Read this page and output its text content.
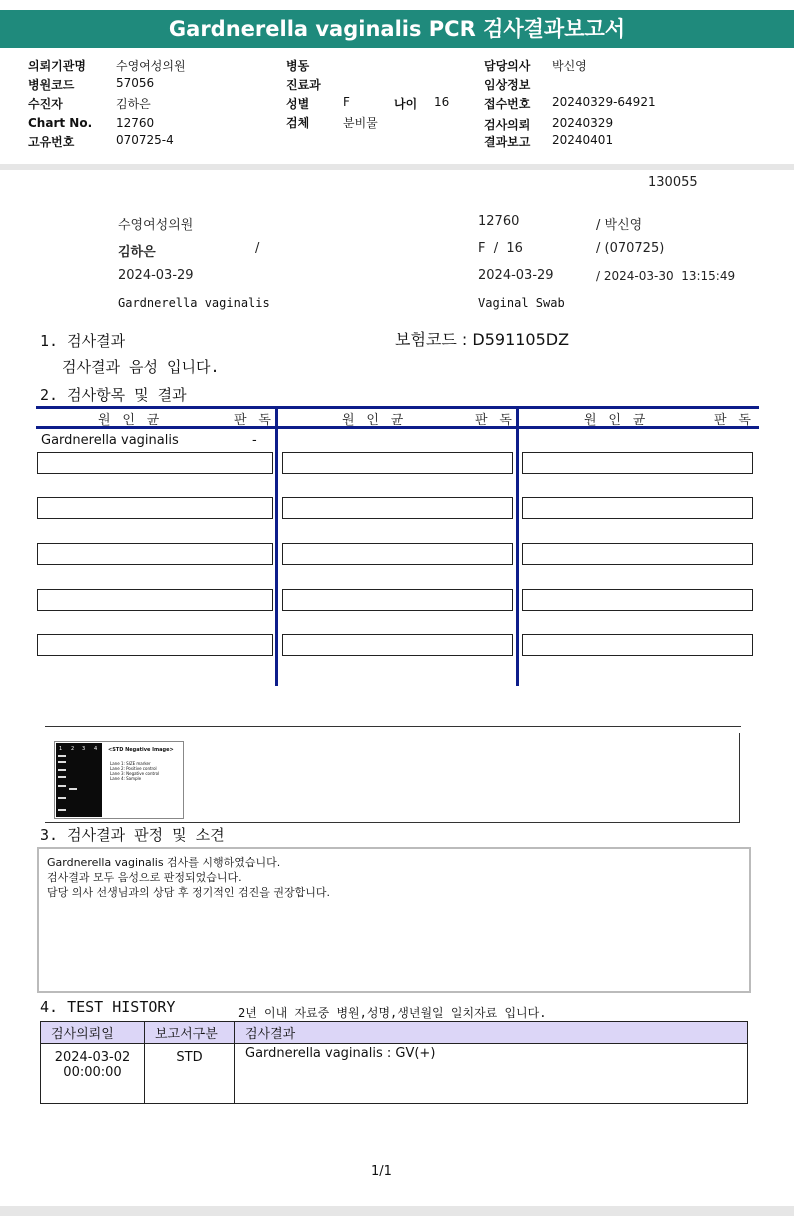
Gardnerella vaginalis PCR 검사결과보고서
의뢰기관명	수영여성의원
병원코드	57056
수진자	김하은
Chart No. 12760
고유번호	070725-4
병동
진료과
성별	F	나이 16
검체	분비물
담당의사 박신영
임상정보
접수번호 20240329-64921
검사의뢰 20240329
결과보고 20240401
130055
수영여성의원	12760	/ 박신영
김하은	/	F  /  16	/ (070725)
2024-03-29	2024-03-29	/ 2024-03-30  13:15:49
Gardnerella vaginalis	Vaginal Swab
1. 검사결과	보험코드 : D591105DZ
검사결과 음성 입니다.
2. 검사항목 및 결과
원 인 균	판 독	원 인 균	판 독	원 인 균	판 독
Gardnerella vaginalis	-
1 2 3 4 <STD Negative Image>
Lane 1: SIZE marker
Lane 2: Positive control
Lane 3: Negative control
Lane 4: Sample
3. 검사결과 판정 및 소견
Gardnerella vaginalis 검사를 시행하였습니다.
검사결과 모두 음성으로 판정되었습니다.
담당 의사 선생님과의 상담 후 정기적인 검진을 권장합니다.
4. TEST HISTORY	2년 이내 자료중 병원,성명,생년월일 일치자료 입니다.
검사의뢰일	보고서구분	검사결과

2024-03-02
00:00:00	STD	Gardnerella vaginalis : GV(+)
1/1
